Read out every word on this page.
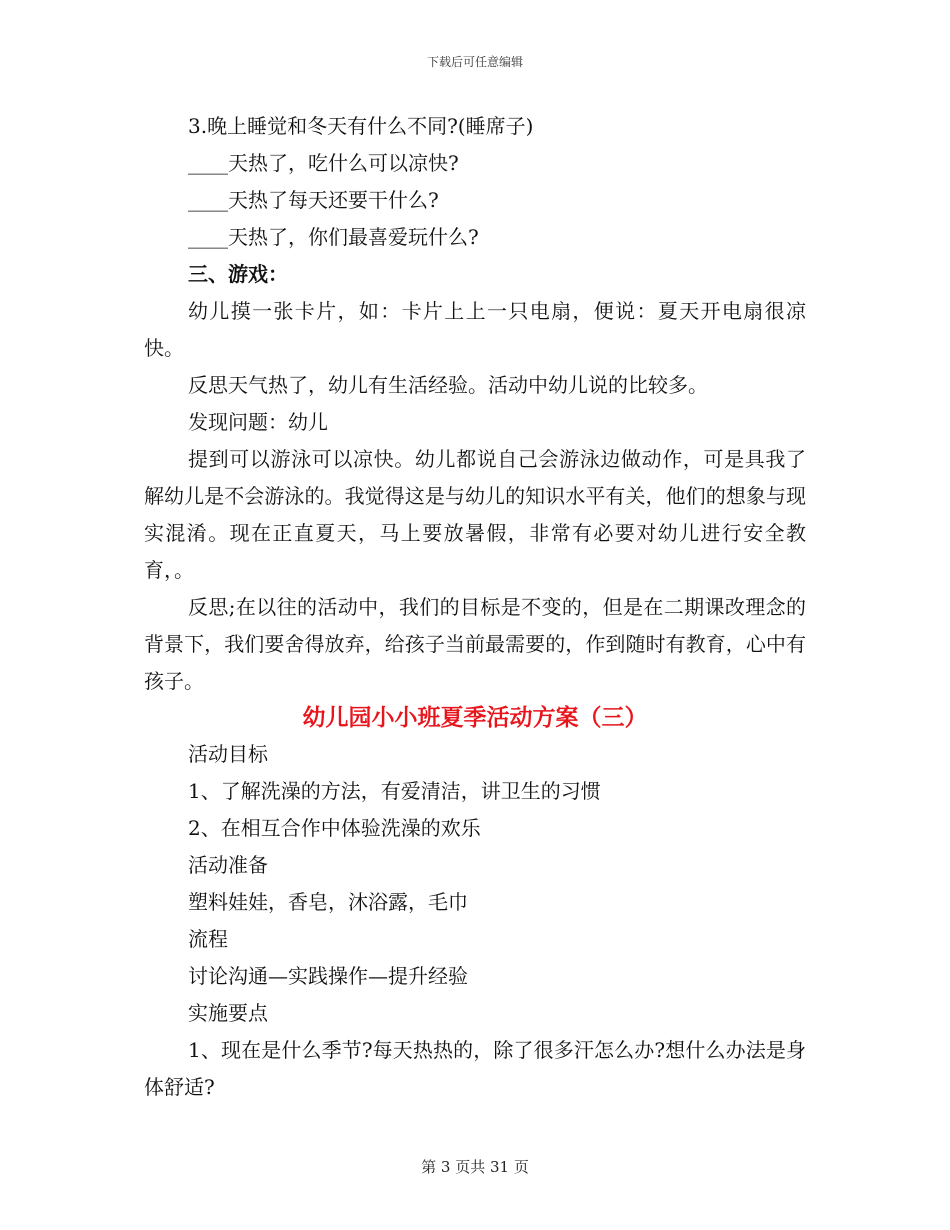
下载后可任意编辑

3.晚上睡觉和冬天有什么不同?(睡席子)

____天热了，吃什么可以凉快?

____天热了每天还要干什么?

____天热了，你们最喜爱玩什么?

三、游戏：

幼儿摸一张卡片，如：卡片上上一只电扇，便说：夏天开电扇很凉快。

反思天气热了，幼儿有生活经验。活动中幼儿说的比较多。

发现问题：幼儿

提到可以游泳可以凉快。幼儿都说自己会游泳边做动作，可是具我了解幼儿是不会游泳的。我觉得这是与幼儿的知识水平有关，他们的想象与现实混淆。现在正直夏天，马上要放暑假，非常有必要对幼儿进行安全教育，。

反思;在以往的活动中，我们的目标是不变的，但是在二期课改理念的背景下，我们要舍得放弃，给孩子当前最需要的，作到随时有教育，心中有孩子。

幼儿园小小班夏季活动方案（三）

活动目标

1、了解洗澡的方法，有爱清洁，讲卫生的习惯

2、在相互合作中体验洗澡的欢乐

活动准备

塑料娃娃，香皂，沐浴露，毛巾

流程

讨论沟通—实践操作—提升经验

实施要点

1、现在是什么季节?每天热热的，除了很多汗怎么办?想什么办法是身体舒适?

第 3 页共 31 页
